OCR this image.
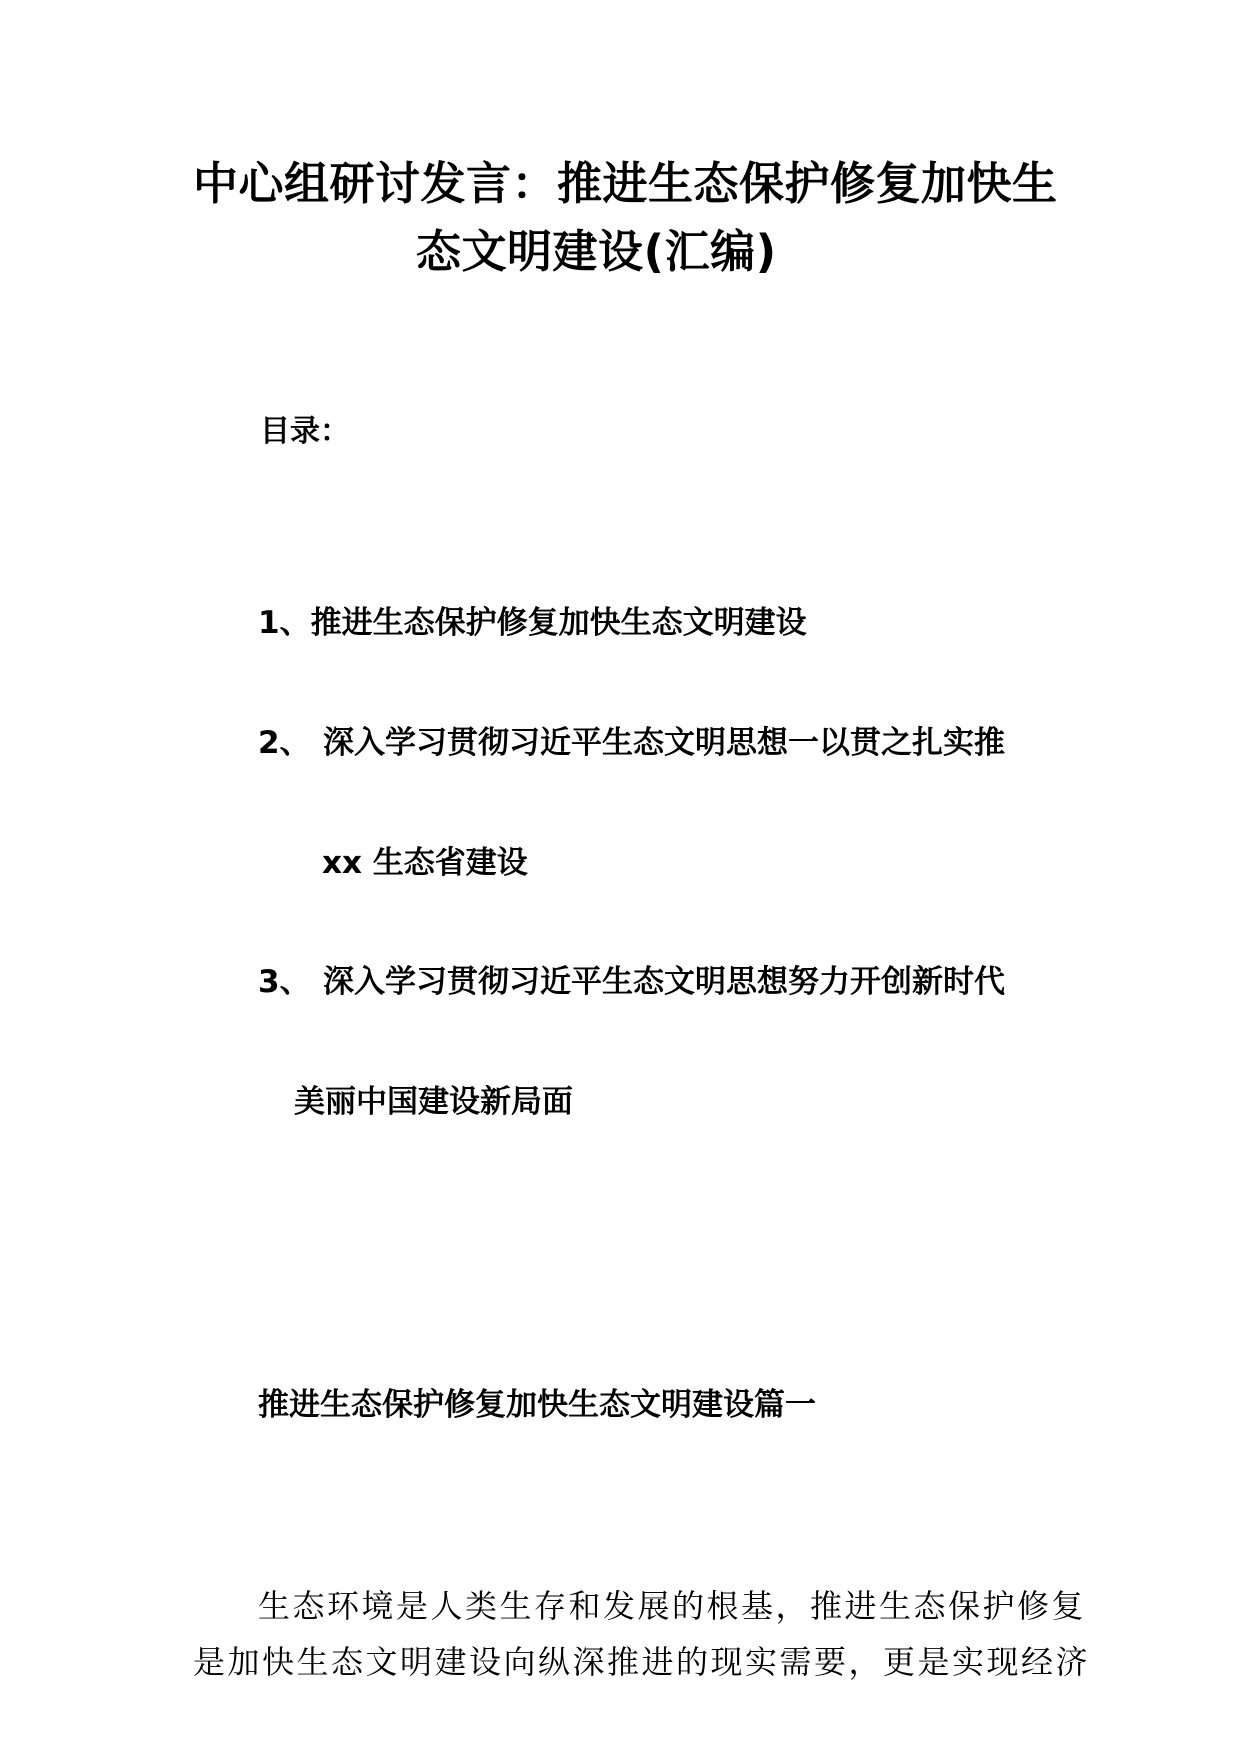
中心组研讨发言：推进生态保护修复加快生
态文明建设(汇编)
目录：
1、推进生态保护修复加快生态文明建设
2、 深入学习贯彻习近平生态文明思想一以贯之扎实推
xx 生态省建设
3、 深入学习贯彻习近平生态文明思想努力开创新时代
美丽中国建设新局面
推进生态保护修复加快生态文明建设篇一
生态环境是人类生存和发展的根基，推进生态保护修复
是加快生态文明建设向纵深推进的现实需要，更是实现经济
